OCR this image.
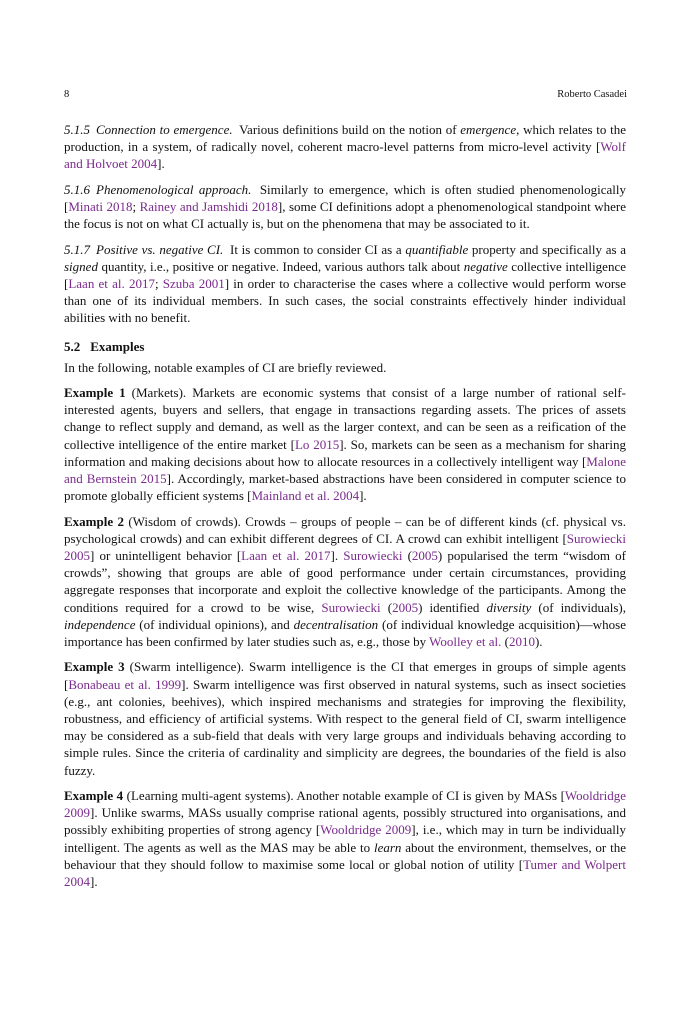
8	Roberto Casadei

5.1.5 Connection to emergence. Various definitions build on the notion of emergence, which relates to the production, in a system, of radically novel, coherent macro-level patterns from micro-level activity [Wolf and Holvoet 2004].

5.1.6 Phenomenological approach. Similarly to emergence, which is often studied phenomenologically [Minati 2018; Rainey and Jamshidi 2018], some CI definitions adopt a phenomenological standpoint where the focus is not on what CI actually is, but on the phenomena that may be associated to it.

5.1.7 Positive vs. negative CI. It is common to consider CI as a quantifiable property and specifically as a signed quantity, i.e., positive or negative. Indeed, various authors talk about negative collective intelligence [Laan et al. 2017; Szuba 2001] in order to characterise the cases where a collective would perform worse than one of its individual members. In such cases, the social constraints effectively hinder individual abilities with no benefit.

5.2 Examples

In the following, notable examples of CI are briefly reviewed.

Example 1 (Markets). Markets are economic systems that consist of a large number of rational self-interested agents, buyers and sellers, that engage in transactions regarding assets. The prices of assets change to reflect supply and demand, as well as the larger context, and can be seen as a reification of the collective intelligence of the entire market [Lo 2015]. So, markets can be seen as a mechanism for sharing information and making decisions about how to allocate resources in a collectively intelligent way [Malone and Bernstein 2015]. Accordingly, market-based abstractions have been considered in computer science to promote globally efficient systems [Mainland et al. 2004].

Example 2 (Wisdom of crowds). Crowds – groups of people – can be of different kinds (cf. physical vs. psychological crowds) and can exhibit different degrees of CI. A crowd can exhibit intelligent [Surowiecki 2005] or unintelligent behavior [Laan et al. 2017]. Surowiecki (2005) popularised the term “wisdom of crowds”, showing that groups are able of good performance under certain circumstances, providing aggregate responses that incorporate and exploit the collective knowledge of the participants. Among the conditions required for a crowd to be wise, Surowiecki (2005) identified diversity (of individuals), independence (of individual opinions), and decentralisation (of individual knowledge acquisition)—whose importance has been confirmed by later studies such as, e.g., those by Woolley et al. (2010).

Example 3 (Swarm intelligence). Swarm intelligence is the CI that emerges in groups of simple agents [Bonabeau et al. 1999]. Swarm intelligence was first observed in natural systems, such as insect societies (e.g., ant colonies, beehives), which inspired mechanisms and strategies for improving the flexibility, robustness, and efficiency of artificial systems. With respect to the general field of CI, swarm intelligence may be considered as a sub-field that deals with very large groups and individuals behaving according to simple rules. Since the criteria of cardinality and simplicity are degrees, the boundaries of the field is also fuzzy.

Example 4 (Learning multi-agent systems). Another notable example of CI is given by MASs [Wooldridge 2009]. Unlike swarms, MASs usually comprise rational agents, possibly structured into organisations, and possibly exhibiting properties of strong agency [Wooldridge 2009], i.e., which may in turn be individually intelligent. The agents as well as the MAS may be able to learn about the environment, themselves, or the behaviour that they should follow to maximise some local or global notion of utility [Tumer and Wolpert 2004].
